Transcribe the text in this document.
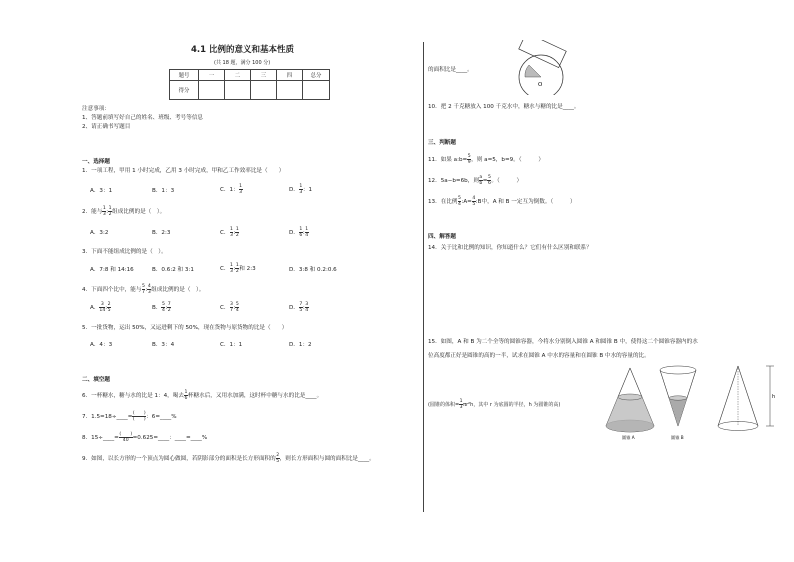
4.1 比例的意义和基本性质
(共 18 题，满分 100 分)
题号	一	二	三	四	总分
得分					
注意事项：
1、答题前填写好自己的姓名、班级、考号等信息
2、请正确书写题目
一、选择题
1．一项工程，甲用 1 小时完成，乙用 3 小时完成，甲和乙工作效率比是（　　）
A．3：1	B．1：3	C．1： $\frac{1}{3}$	D． $\frac{1}{3}$ ：1
2．能与 $\frac{1}{3}$ : $\frac{1}{2}$ 组成比例的是（　）。
A．3:2	B．2:3	C． $\frac{1}{3}$ : $\frac{1}{2}$	D． $\frac{1}{6}$ : $\frac{1}{4}$
3．下面不能组成比例的是（　）。
A．7:8 和 14:16	B．0.6:2 和 3:1	C． $\frac{1}{3}$ : $\frac{1}{2}$ 和 2:3	D．3:8 和 0.2:0.6
4．下面四个比中，能与 $\frac{5}{7}$ : $\frac{4}{3}$ 组成比例的是（　）。
A． $\frac{3}{14}$ : $\frac{2}{5}$	B． $\frac{5}{4}$ : $\frac{7}{2}$	C． $\frac{3}{7}$ : $\frac{5}{4}$	D． $\frac{7}{5}$ : $\frac{3}{4}$
5．一批货物，运出 50%，又运进剩下的 50%，现在货物与原货物的比是（　　）
A．4：3	B．3：4	C．1：1	D．1：2
二、填空题
6．一杯糖水，糖与水的比是 1：4，喝去 $\frac{1}{6}$ 杯糖水后，又用水加满，这时杯中糖与水的比是____。
7．1.5=18÷____= $\frac{( )}{( )}$ ：6=____%
8．15÷____= $\frac{( )}{40}$ =0.625=____：____=____%
9．如图，以长方形的一个顶点为圆心做圆，若阴影部分的面积是长方形面积的 $\frac{2}{5}$ ，则长方形面积与圆的面积比是____。
的面积比是____。
O
10．把 2 千克糖放入 100 千克水中，糖水与糖的比是____。
三、判断题
11．如果 a:b= $\frac{5}{9}$ ，则 a=5，b=9。（　　　）
12．5a−b=6b，则 $\frac{a}{b} = \frac{5}{6}$ 。（　　　）
13．在比例 $\frac{5}{4}$ :A= $\frac{4}{5}$ :B中，A 和 B 一定互为倒数。（　　　）
四、解答题
14．关于比和比例的知识，你知道什么？它们有什么区别和联系？
15．如图，A 和 B 为二个全等的圆锥容器，今将水分别倒入圆锥 A 和圆锥 B 中，使得这二个圆锥容器内的水
位高度都正好是圆锥的高的一半，试求在圆锥 A 中水的容量和在圆锥 B 中水的容量的比。
(圆锥的体积= $\frac{1}{3} \pi r^2h$，其中 r 为底圆的半径，h 为圆锥的高)
圆锥 A	圆锥 B
h
